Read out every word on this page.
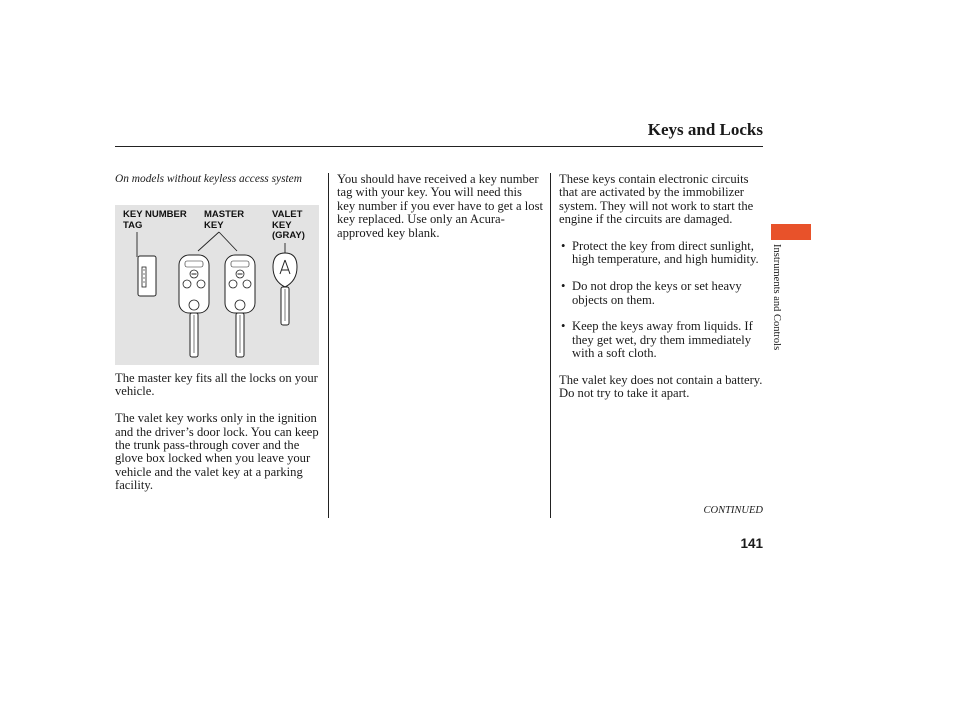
Keys and Locks
On models without keyless access system
KEY NUMBER
TAG
MASTER
KEY
VALET
KEY
(GRAY)

The master key fits all the locks on your vehicle.

The valet key works only in the ignition and the driver’s door lock. You can keep the trunk pass-through cover and the glove box locked when you leave your vehicle and the valet key at a parking facility.

You should have received a key number tag with your key. You will need this key number if you ever have to get a lost key replaced. Use only an Acura-approved key blank.

These keys contain electronic circuits that are activated by the immobilizer system. They will not work to start the engine if the circuits are damaged.

• Protect the key from direct sunlight, high temperature, and high humidity.
• Do not drop the keys or set heavy objects on them.
• Keep the keys away from liquids. If they get wet, dry them immediately with a soft cloth.

The valet key does not contain a battery. Do not try to take it apart.

Instruments and Controls
CONTINUED
141
